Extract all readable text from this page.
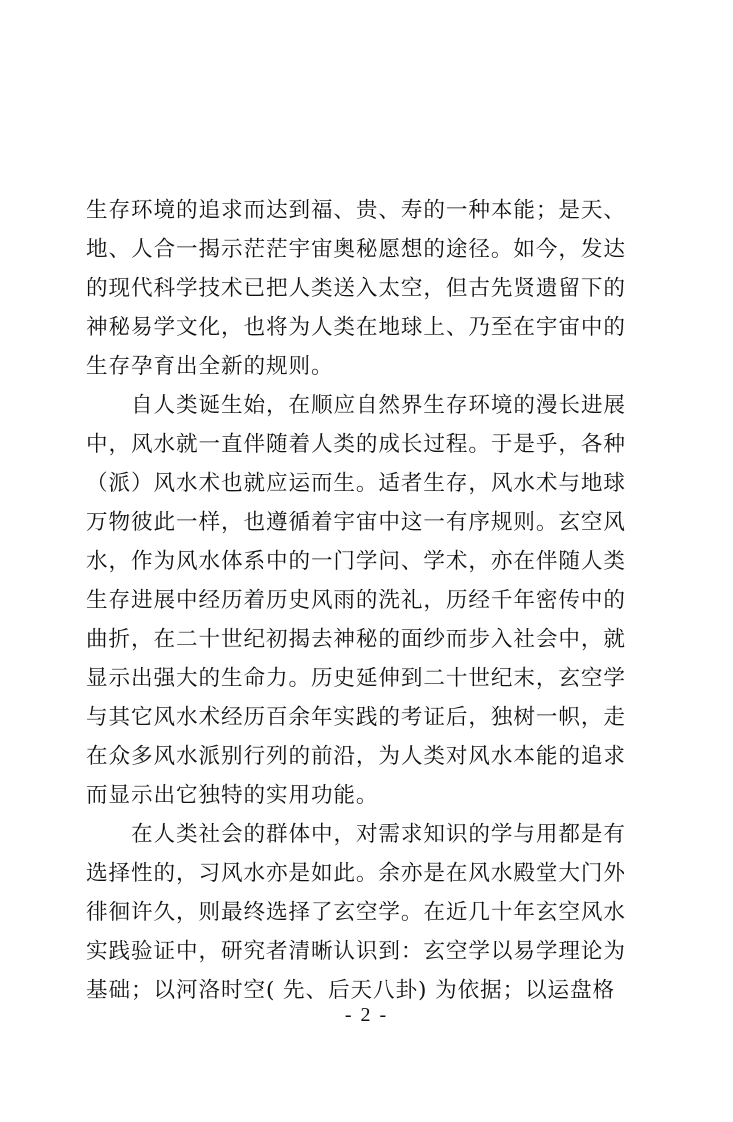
生存环境的追求而达到福、贵、寿的一种本能；是天、
地、人合一揭示茫茫宇宙奥秘愿想的途径。如今，发达
的现代科学技术已把人类送入太空，但古先贤遗留下的
神秘易学文化，也将为人类在地球上、乃至在宇宙中的
生存孕育出全新的规则。

自人类诞生始，在顺应自然界生存环境的漫长进展
中，风水就一直伴随着人类的成长过程。于是乎，各种
（派）风水术也就应运而生。适者生存，风水术与地球
万物彼此一样，也遵循着宇宙中这一有序规则。玄空风
水，作为风水体系中的一门学问、学术，亦在伴随人类
生存进展中经历着历史风雨的洗礼，历经千年密传中的
曲折，在二十世纪初揭去神秘的面纱而步入社会中，就
显示出强大的生命力。历史延伸到二十世纪末，玄空学
与其它风水术经历百余年实践的考证后，独树一帜，走
在众多风水派别行列的前沿，为人类对风水本能的追求
而显示出它独特的实用功能。

在人类社会的群体中，对需求知识的学与用都是有
选择性的，习风水亦是如此。余亦是在风水殿堂大门外
徘徊许久，则最终选择了玄空学。在近几十年玄空风水
实践验证中，研究者清晰认识到：玄空学以易学理论为
基础；以河洛时空( 先、后天八卦) 为依据；以运盘格

- 2 -
